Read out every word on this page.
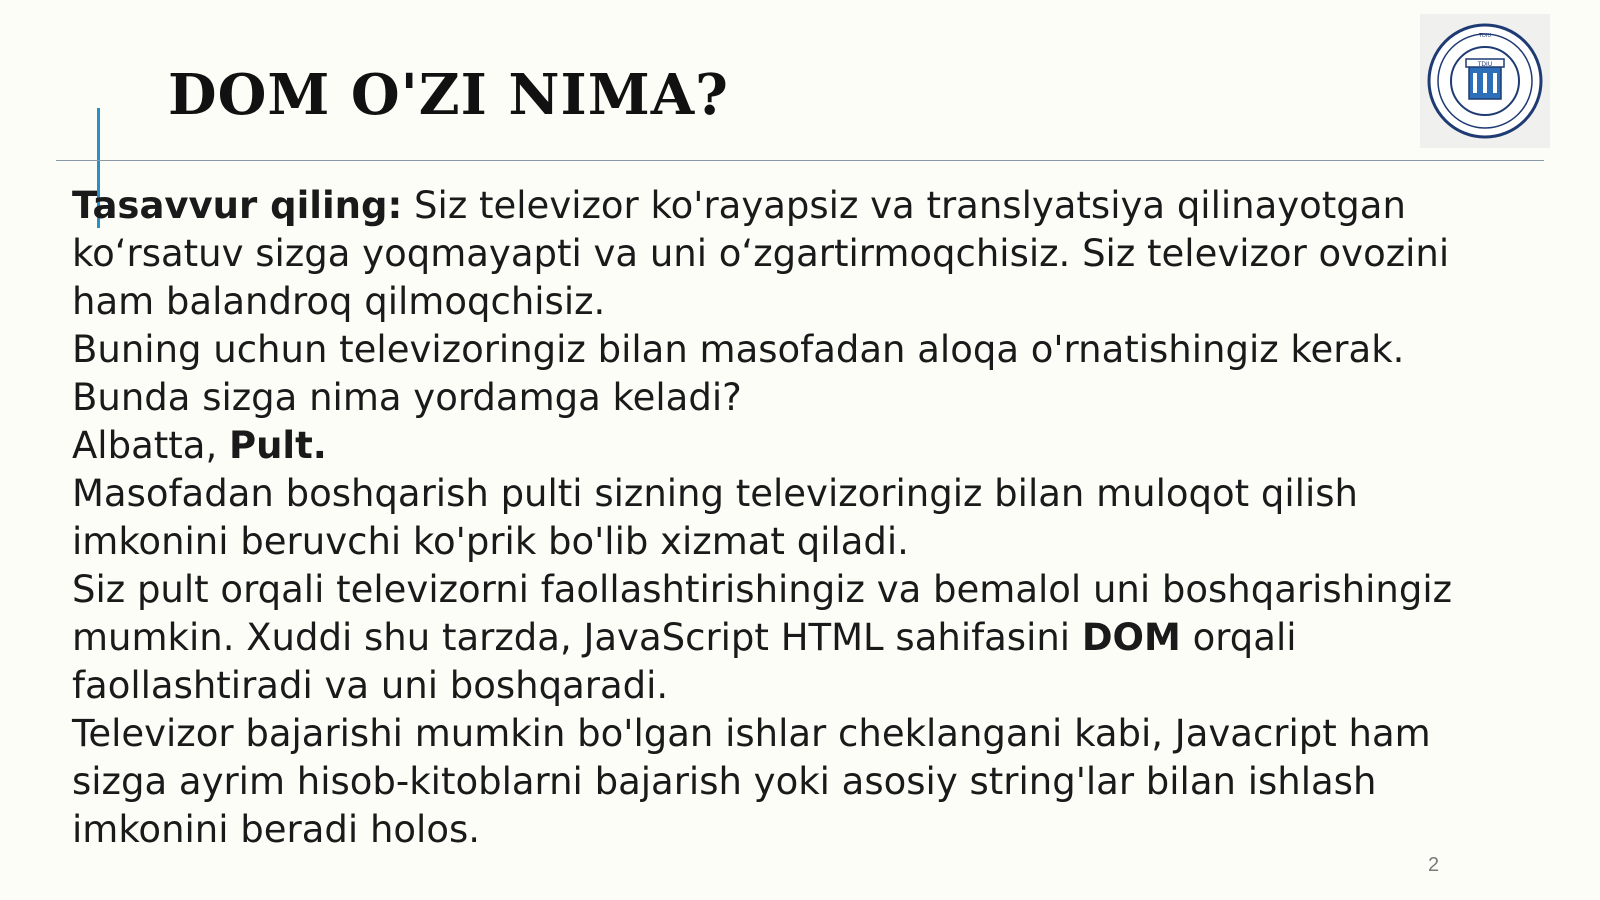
DOM O'ZI NIMA?	TDIU
TDIU

Tasavvur qiling: Siz televizor ko'rayapsiz va translyatsiya qilinayotgan ko‘rsatuv sizga yoqmayapti va uni o‘zgartirmoqchisiz. Siz televizor ovozini ham balandroq qilmoqchisiz.

Buning uchun televizoringiz bilan masofadan aloqa o'rnatishingiz kerak.

Bunda sizga nima yordamga keladi?

Albatta, Pult.

Masofadan boshqarish pulti sizning televizoringiz bilan muloqot qilish imkonini beruvchi ko'prik bo'lib xizmat qiladi.

Siz pult orqali televizorni faollashtirishingiz va bemalol uni boshqarishingiz mumkin. Xuddi shu tarzda, JavaScript HTML sahifasini DOM orqali faollashtiradi va uni boshqaradi.

Televizor bajarishi mumkin bo'lgan ishlar cheklangani kabi, Javacript ham sizga ayrim hisob-kitoblarni bajarish yoki asosiy string'lar bilan ishlash imkonini beradi holos.

2
